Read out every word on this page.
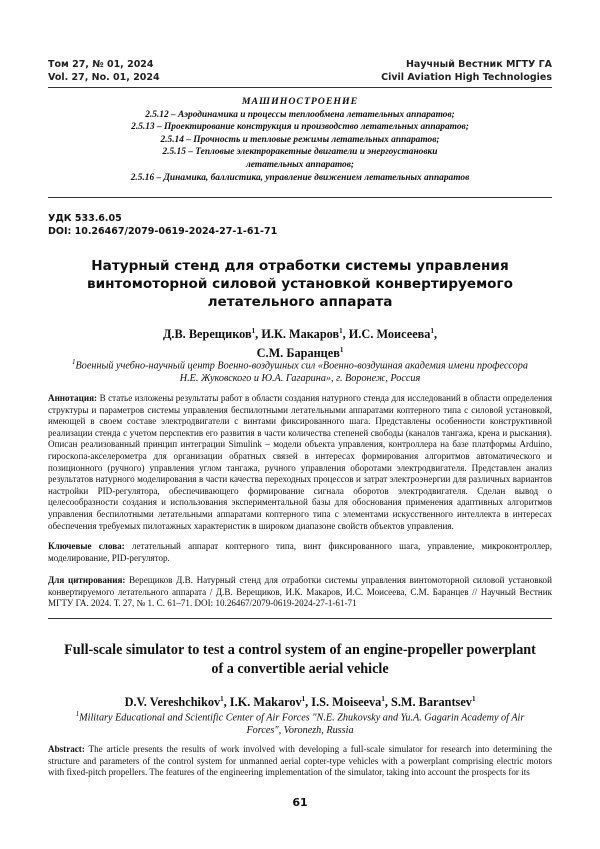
Том 27, № 01, 2024	Научный Вестник МГТУ ГА
Vol. 27, No. 01, 2024	Civil Aviation High Technologies
МАШИНОСТРОЕНИЕ
2.5.12 – Аэродинамика и процессы теплообмена летательных аппаратов;
2.5.13 – Проектирование конструкция и производство летательных аппаратов;
2.5.14 – Прочность и тепловые режимы летательных аппаратов;
2.5.15 – Тепловые электроракетные двигатели и энергоустановки
летательных аппаратов;
2.5.16 – Динамика, баллистика, управление движением летательных аппаратов
УДК 533.6.05
DOI: 10.26467/2079-0619-2024-27-1-61-71
Натурный стенд для отработки системы управления винтомоторной силовой установкой конвертируемого летательного аппарата
Д.В. Верещиков$^1$, И.К. Макаров$^1$, И.С. Моисеева$^1$,
С.М. Баранцев$^1$
$^1$Военный учебно-научный центр Военно-воздушных сил «Военно-воздушная академия имени профессора Н.Е. Жуковского и Ю.А. Гагарина», г. Воронеж, Россия
Аннотация: В статье изложены результаты работ в области создания натурного стенда для исследований в области определения структуры и параметров системы управления беспилотными летательными аппаратами коптерного типа с силовой установкой, имеющей в своем составе электродвигатели с винтами фиксированного шага. Представлены особенности конструктивной реализации стенда с учетом перспектив его развития в части количества степеней свободы (каналов тангажа, крена и рыскания). Описан реализованный принцип интеграции Simulink – модели объекта управления, контроллера на базе платформы Arduino, гироскопа-акселерометра для организации обратных связей в интересах формирования алгоритмов автоматического и позиционного (ручного) управления углом тангажа, ручного управления оборотами электродвигателя. Представлен анализ результатов натурного моделирования в части качества переходных процессов и затрат электроэнергии для различных вариантов настройки PID-регулятора, обеспечивающего формирование сигнала оборотов электродвигателя. Сделан вывод о целесообразности создания и использования экспериментальной базы для обоснования применения адаптивных алгоритмов управления беспилотными летательными аппаратами коптерного типа с элементами искусственного интеллекта в интересах обеспечения требуемых пилотажных характеристик в широком диапазоне свойств объектов управления.
Ключевые слова: летательный аппарат коптерного типа, винт фиксированного шага, управление, микроконтроллер, моделирование, PID-регулятор.
Для цитирования: Верещиков Д.В. Натурный стенд для отработки системы управления винтомоторной силовой установкой конвертируемого летательного аппарата / Д.В. Верещиков, И.К. Макаров, И.С. Моисеева, С.М. Баранцев // Научный Вестник МГТУ ГА. 2024. Т. 27, № 1. С. 61–71. DOI: 10.26467/2079-0619-2024-27-1-61-71
Full-scale simulator to test a control system of an engine-propeller powerplant of a convertible aerial vehicle
D.V. Vereshchikov$^1$, I.K. Makarov$^1$, I.S. Moiseeva$^1$, S.M. Barantsev$^1$
$^1$Military Educational and Scientific Center of Air Forces "N.E. Zhukovsky and Yu.A. Gagarin Academy of Air Forces", Voronezh, Russia
Abstract: The article presents the results of work involved with developing a full-scale simulator for research into determining the structure and parameters of the control system for unmanned aerial copter-type vehicles with a powerplant comprising electric motors with fixed-pitch propellers. The features of the engineering implementation of the simulator, taking into account the prospects for its
61
